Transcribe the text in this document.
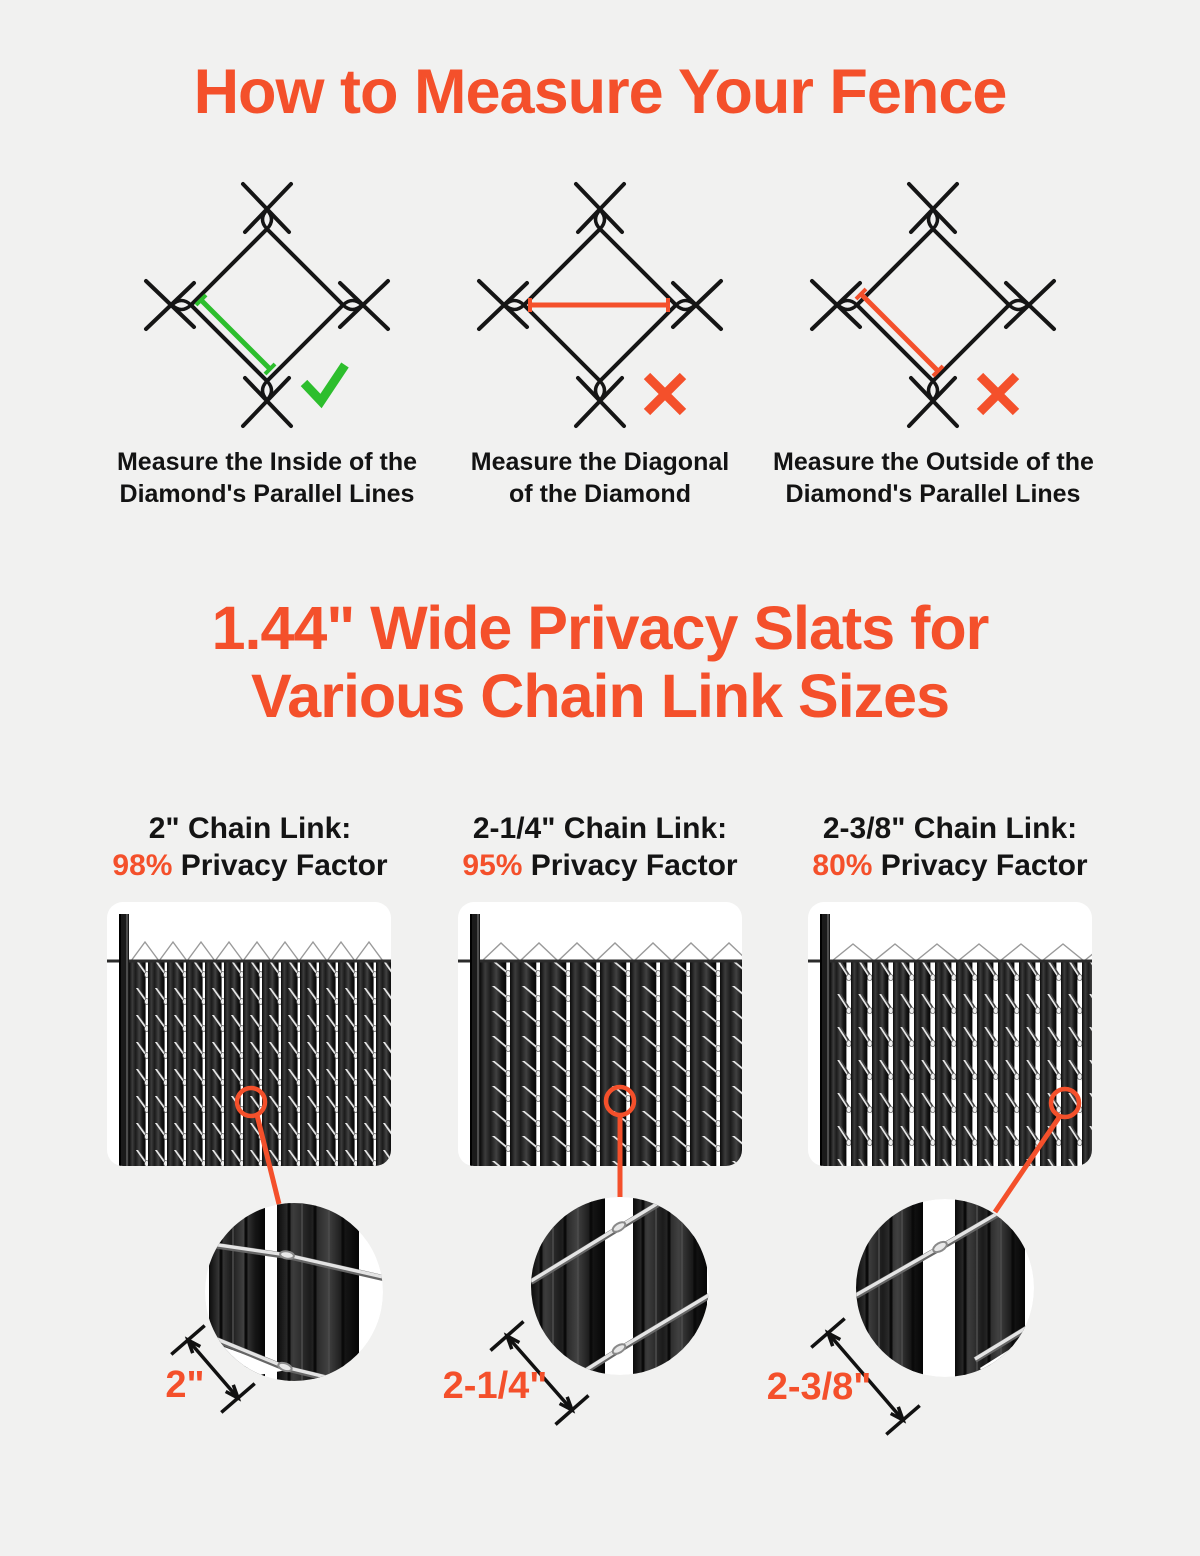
How to Measure Your Fence
Measure the Inside of the
Diamond's Parallel Lines
Measure the Diagonal
of the Diamond
Measure the Outside of the
Diamond's Parallel Lines
1.44" Wide Privacy Slats for
Various Chain Link Sizes
2" Chain Link:
98% Privacy Factor
2"
2-1/4" Chain Link:
95% Privacy Factor
2-1/4"
2-3/8" Chain Link:
80% Privacy Factor
2-3/8"
